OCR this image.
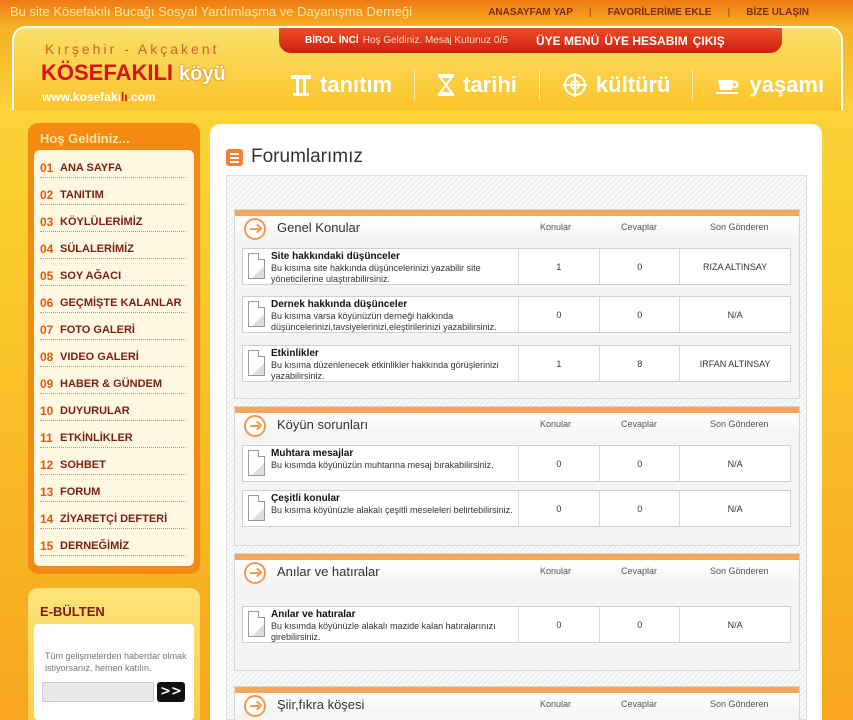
Bu site Kösefakılı Bucağı Sosyal Yardımlaşma ve Dayanışma Derneği	ANASAYFAM YAP | FAVORİLERİME EKLE | BİZE ULAŞIN
Kırşehir - Akçakent
KÖSEFAKILI köyü
www.kosefakılı.com
BİROL İNCİ Hoş Geldiniz. Mesaj Kutunuz 0/5 ÜYE MENÜ ÜYE HESABIM ÇIKIŞ
tanıtım	tarihi	kültürü	yaşamı
Hoş Geldiniz...
01 ANA SAYFA
02 TANITIM
03 KÖYLÜLERİMİZ
04 SÜLALERİMİZ
05 SOY AĞACI
06 GEÇMİŞTE KALANLAR
07 FOTO GALERİ
08 VIDEO GALERİ
09 HABER & GÜNDEM
10 DUYURULAR
11 ETKİNLİKLER
12 SOHBET
13 FORUM
14 ZİYARETÇİ DEFTERİ
15 DERNEĞİMİZ
E-BÜLTEN
Tüm gelişmelerden haberdar olmak istiyorsanız, hemen katılın.
>>
Forumlarımız
Genel Konular	Konular	Cevaplar	Son Gönderen
Site hakkındaki düşünceler
Bu kısıma site hakkında düşüncelerinizi yazabilir site yöneticilerine ulaştırabilirsiniz.
1	0	RIZA ALTINSAY
Dernek hakkında düşünceler
Bu kısıma varsa köyünüzün derneği hakkında düşüncelerinizi,tavsiyelerinizi,eleştirilerinizi yazabilirsiniz.
0	0	N/A
Etkinlikler
Bu kısıma düzenlenecek etkinlikler hakkında görüşlerinizi yazabilirsiniz.
1	8	IRFAN ALTINSAY
Köyün sorunları	Konular	Cevaplar	Son Gönderen
Muhtara mesajlar
Bu kısımda köyünüzün muhtarına mesaj bırakabilirsiniz.	0	0	N/A
Çeşitli konular
Bu kısıma köyünüzle alakalı çeşitli meseleleri belirtebilirsiniz.	0	0	N/A
Anılar ve hatıralar	Konular	Cevaplar	Son Gönderen
Anılar ve hatıralar
Bu kısımda köyünüzle alakalı mazide kalan hatıralarınızı girebilirsiniz.
0	0	N/A
Şiir,fıkra köşesi	Konular	Cevaplar	Son Gönderen
